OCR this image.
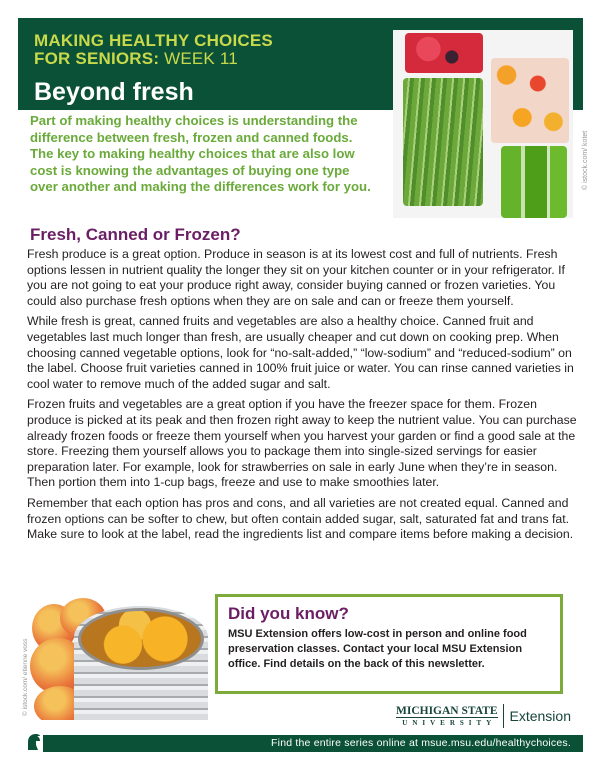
MAKING HEALTHY CHOICES
FOR SENIORS: WEEK 11
Beyond fresh
© istock.com/ kotet
Part of making healthy choices is understanding the difference between fresh, frozen and canned foods. The key to making healthy choices that are also low cost is knowing the advantages of buying one type over another and making the differences work for you.
Fresh, Canned or Frozen?

Fresh produce is a great option. Produce in season is at its lowest cost and full of nutrients. Fresh options lessen in nutrient quality the longer they sit on your kitchen counter or in your refrigerator. If you are not going to eat your produce right away, consider buying canned or frozen varieties. You could also purchase fresh options when they are on sale and can or freeze them yourself.

While fresh is great, canned fruits and vegetables are also a healthy choice. Canned fruit and vegetables last much longer than fresh, are usually cheaper and cut down on cooking prep. When choosing canned vegetable options, look for “no-salt-added,” “low-sodium” and “reduced-sodium” on the label. Choose fruit varieties canned in 100% fruit juice or water. You can rinse canned varieties in cool water to remove much of the added sugar and salt.

Frozen fruits and vegetables are a great option if you have the freezer space for them. Frozen produce is picked at its peak and then frozen right away to keep the nutrient value. You can purchase already frozen foods or freeze them yourself when you harvest your garden or find a good sale at the store. Freezing them yourself allows you to package them into single-sized servings for easier preparation later. For example, look for strawberries on sale in early June when they’re in season. Then portion them into 1-cup bags, freeze and use to make smoothies later.

Remember that each option has pros and cons, and all varieties are not created equal. Canned and frozen options can be softer to chew, but often contain added sugar, salt, saturated fat and trans fat. Make sure to look at the label, read the ingredients list and compare items before making a decision.

© istock.com/ etienne voss
Did you know?
MSU Extension offers low-cost in person and online food preservation classes. Contact your local MSU Extension office. Find details on the back of this newsletter.
MICHIGAN STATE
UNIVERSITY Extension
Find the entire series online at msue.msu.edu/healthychoices.
